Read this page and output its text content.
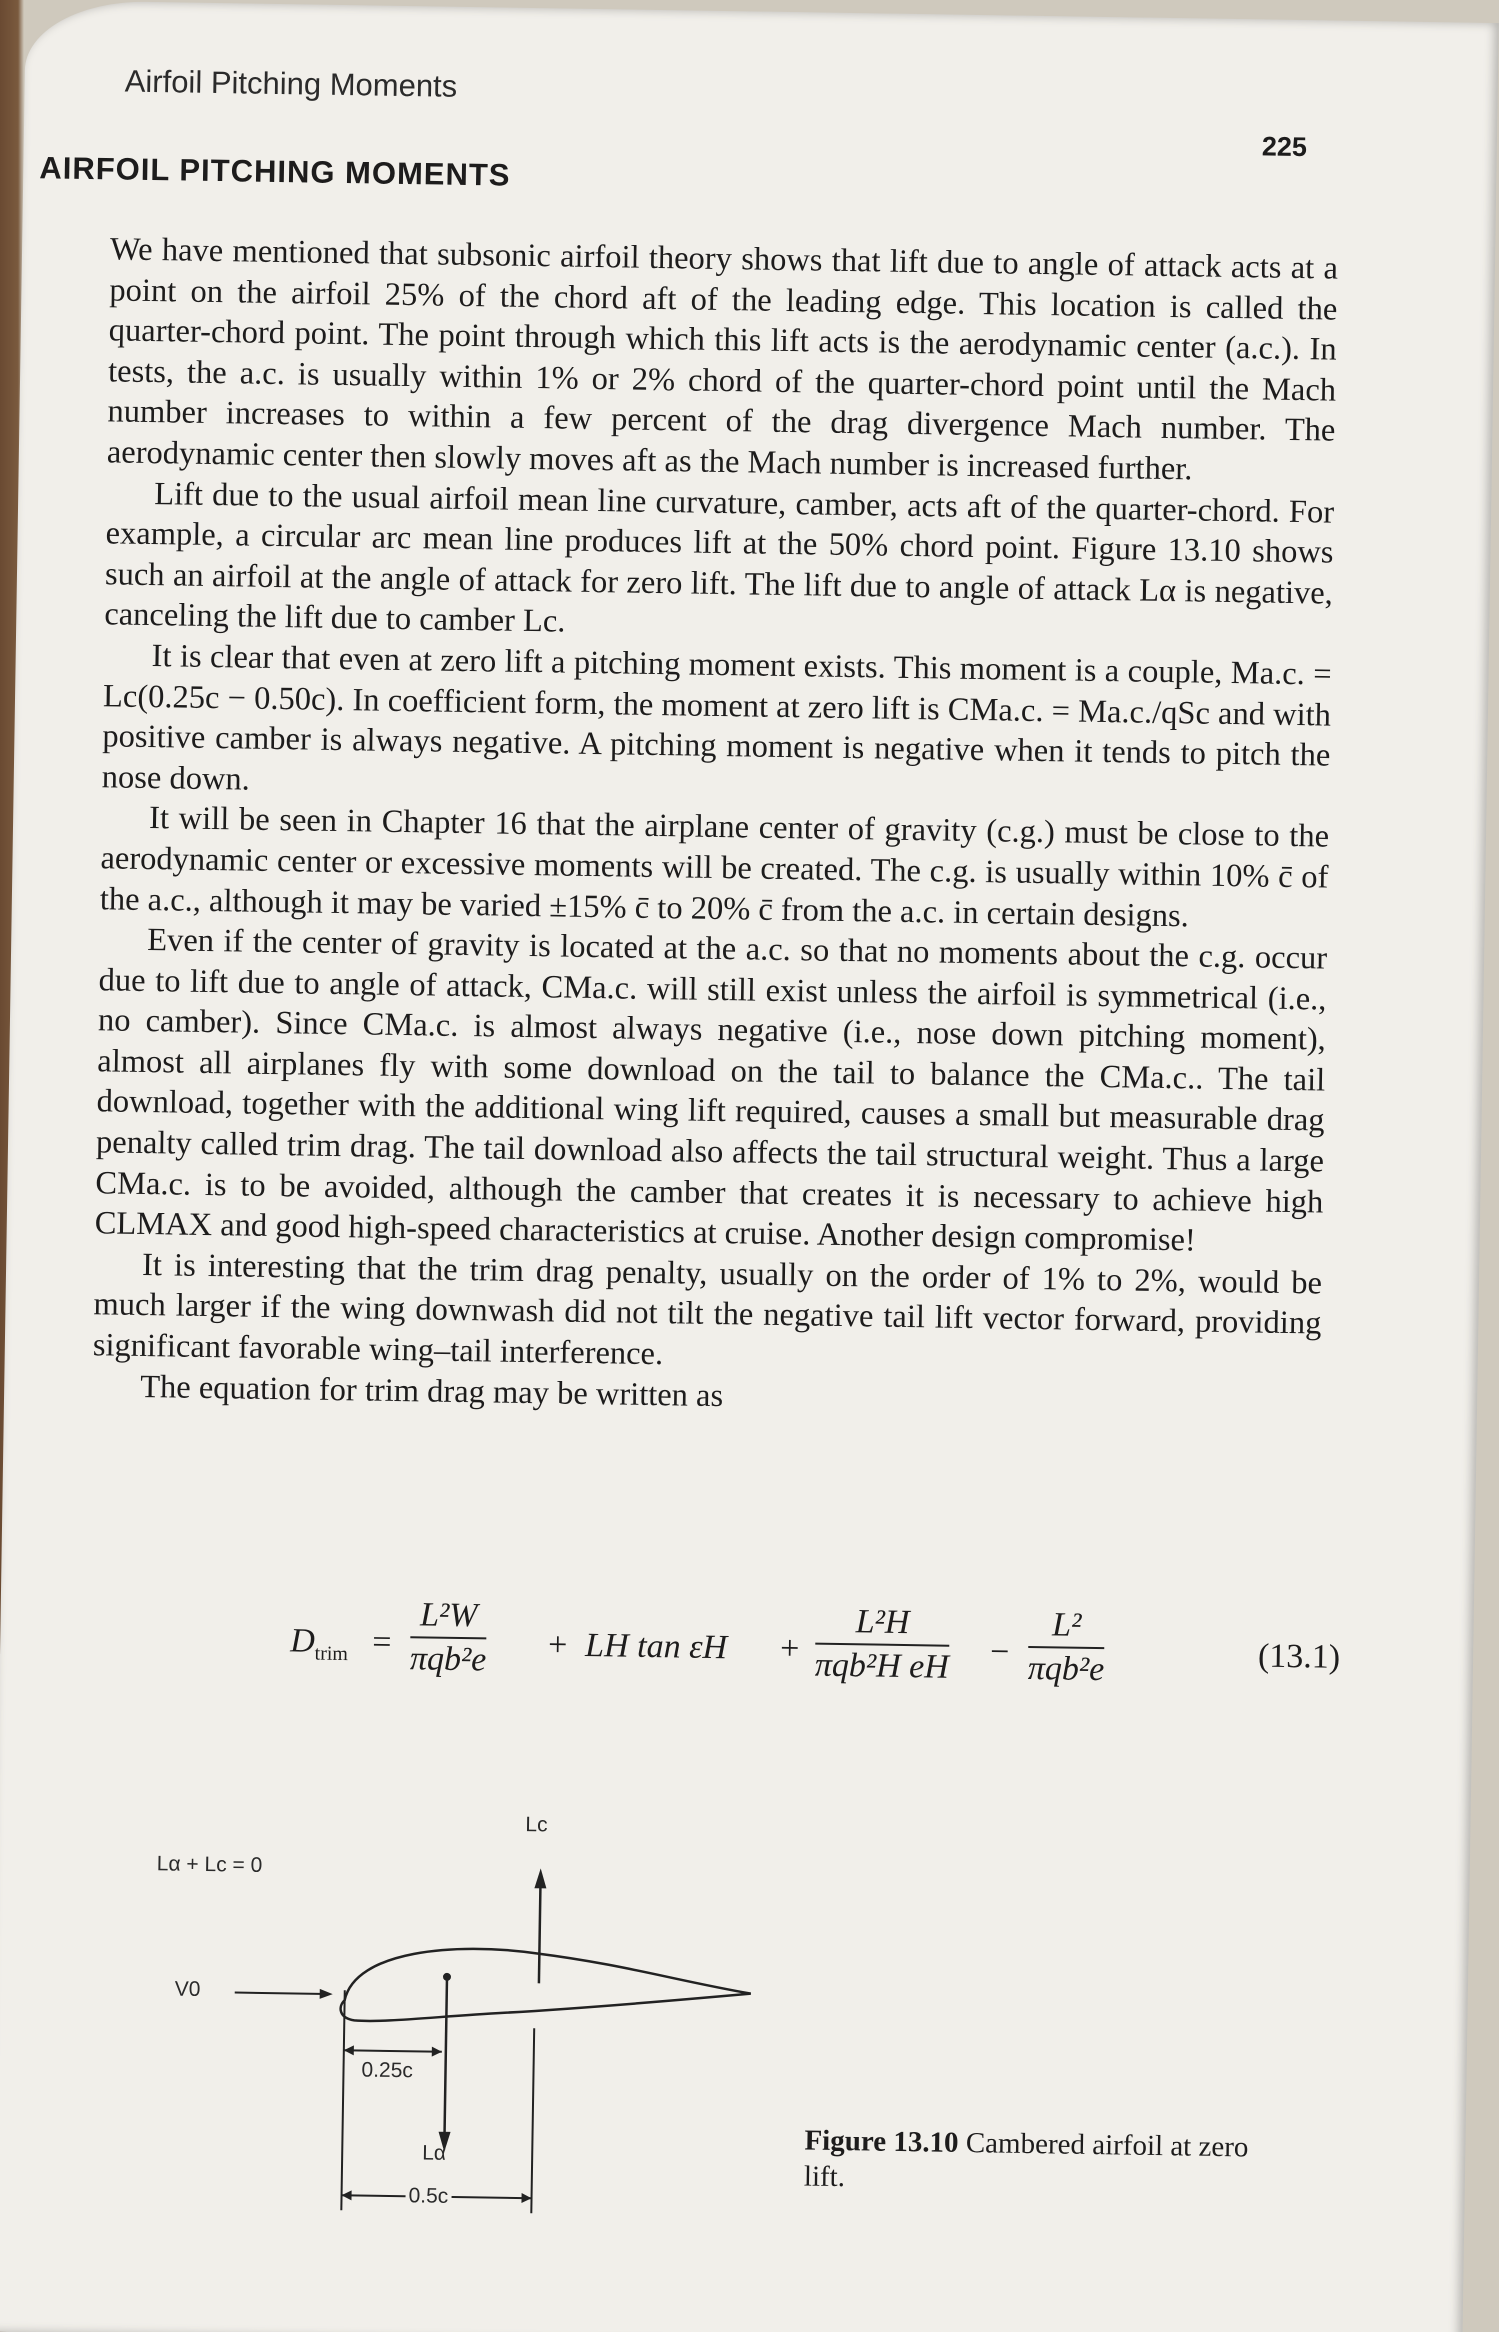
Airfoil Pitching Moments
225
AIRFOIL PITCHING MOMENTS

We have mentioned that subsonic airfoil theory shows that lift due to angle of attack acts at a point on the airfoil 25% of the chord aft of the leading edge. This location is called the quarter-chord point. The point through which this lift acts is the aerodynamic center (a.c.). In tests, the a.c. is usually within 1% or 2% chord of the quarter-chord point until the Mach number increases to within a few percent of the drag divergence Mach number. The aerodynamic center then slowly moves aft as the Mach number is increased further.

Lift due to the usual airfoil mean line curvature, camber, acts aft of the quarter-chord. For example, a circular arc mean line produces lift at the 50% chord point. Figure 13.10 shows such an airfoil at the angle of attack for zero lift. The lift due to angle of attack Lα is negative, canceling the lift due to camber Lc.

It is clear that even at zero lift a pitching moment exists. This moment is a couple, Ma.c. = Lc(0.25c − 0.50c). In coefficient form, the moment at zero lift is CMa.c. = Ma.c./qSc and with positive camber is always negative. A pitching moment is negative when it tends to pitch the nose down.

It will be seen in Chapter 16 that the airplane center of gravity (c.g.) must be close to the aerodynamic center or excessive moments will be created. The c.g. is usually within 10% c̄ of the a.c., although it may be varied ±15% c̄ to 20% c̄ from the a.c. in certain designs.

Even if the center of gravity is located at the a.c. so that no moments about the c.g. occur due to lift due to angle of attack, CMa.c. will still exist unless the airfoil is symmetrical (i.e., no camber). Since CMa.c. is almost always negative (i.e., nose down pitching moment), almost all airplanes fly with some download on the tail to balance the CMa.c.. The tail download, together with the additional wing lift required, causes a small but measurable drag penalty called trim drag. The tail download also affects the tail structural weight. Thus a large CMa.c. is to be avoided, although the camber that creates it is necessary to achieve high CLMAX and good high-speed characteristics at cruise. Another design compromise!

It is interesting that the trim drag penalty, usually on the order of 1% to 2%, would be much larger if the wing downwash did not tilt the negative tail lift vector forward, providing significant favorable wing–tail interference.

The equation for trim drag may be written as

$D_{trim}$ =
L²W
πqb²e + LH tan εH +
L²H
πqb²H eH −
L²
πqb²e	(13.1)
Lc
Lα + Lc = 0
V0
0.25c
Lα
0.5c
Figure 13.10 Cambered airfoil at zero lift.
